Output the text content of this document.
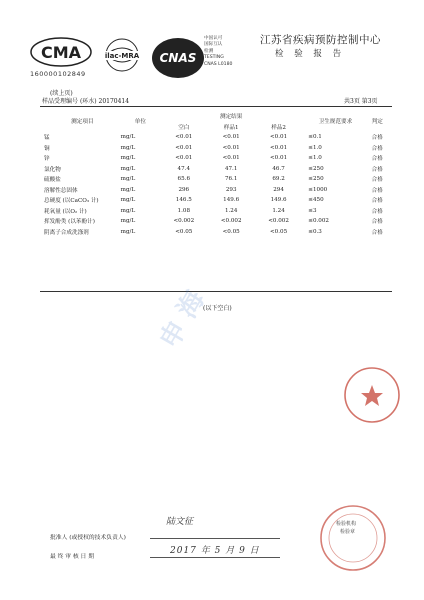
CMA
160000102849
ilac-MRA CNAS
中国认可
国际互认
检测
TESTING
CNAS L0180
江苏省疾病预防控制中心
检 验 报 告
(续上页)
样品受理编号 (环水) 20170414	共3页 第3页
测定项目	单位	测定结果			卫生规范要求	判定
		空白	样品1	样品2		
锰	mg/L	<0.01	<0.01	<0.01	≤0.1	合格
铜	mg/L	<0.01	<0.01	<0.01	≤1.0	合格
锌	mg/L	<0.01	<0.01	<0.01	≤1.0	合格
氯化物	mg/L	47.4	47.1	46.7	≤250	合格
硫酸盐	mg/L	65.6	76.1	69.2	≤250	合格
溶解性总固体	mg/L	296	293	294	≤1000	合格
总硬度 (以CaCO₃ 计)	mg/L	146.5	149.6	149.6	≤450	合格
耗氧量 (以O₂ 计)	mg/L	1.08	1.24	1.24	≤3	合格
挥发酚类 (以苯酚计)	mg/L	<0.002	<0.002	<0.002	≤0.002	合格
阴离子合成洗涤剂	mg/L	<0.05	<0.05	<0.05	≤0.3	合格
(以下空白)
申 海
检验机构
检验章
批准人 (或授权的技术负责人)
陆文征
最 终 审 核 日 期
2017 年 5 月 9 日
